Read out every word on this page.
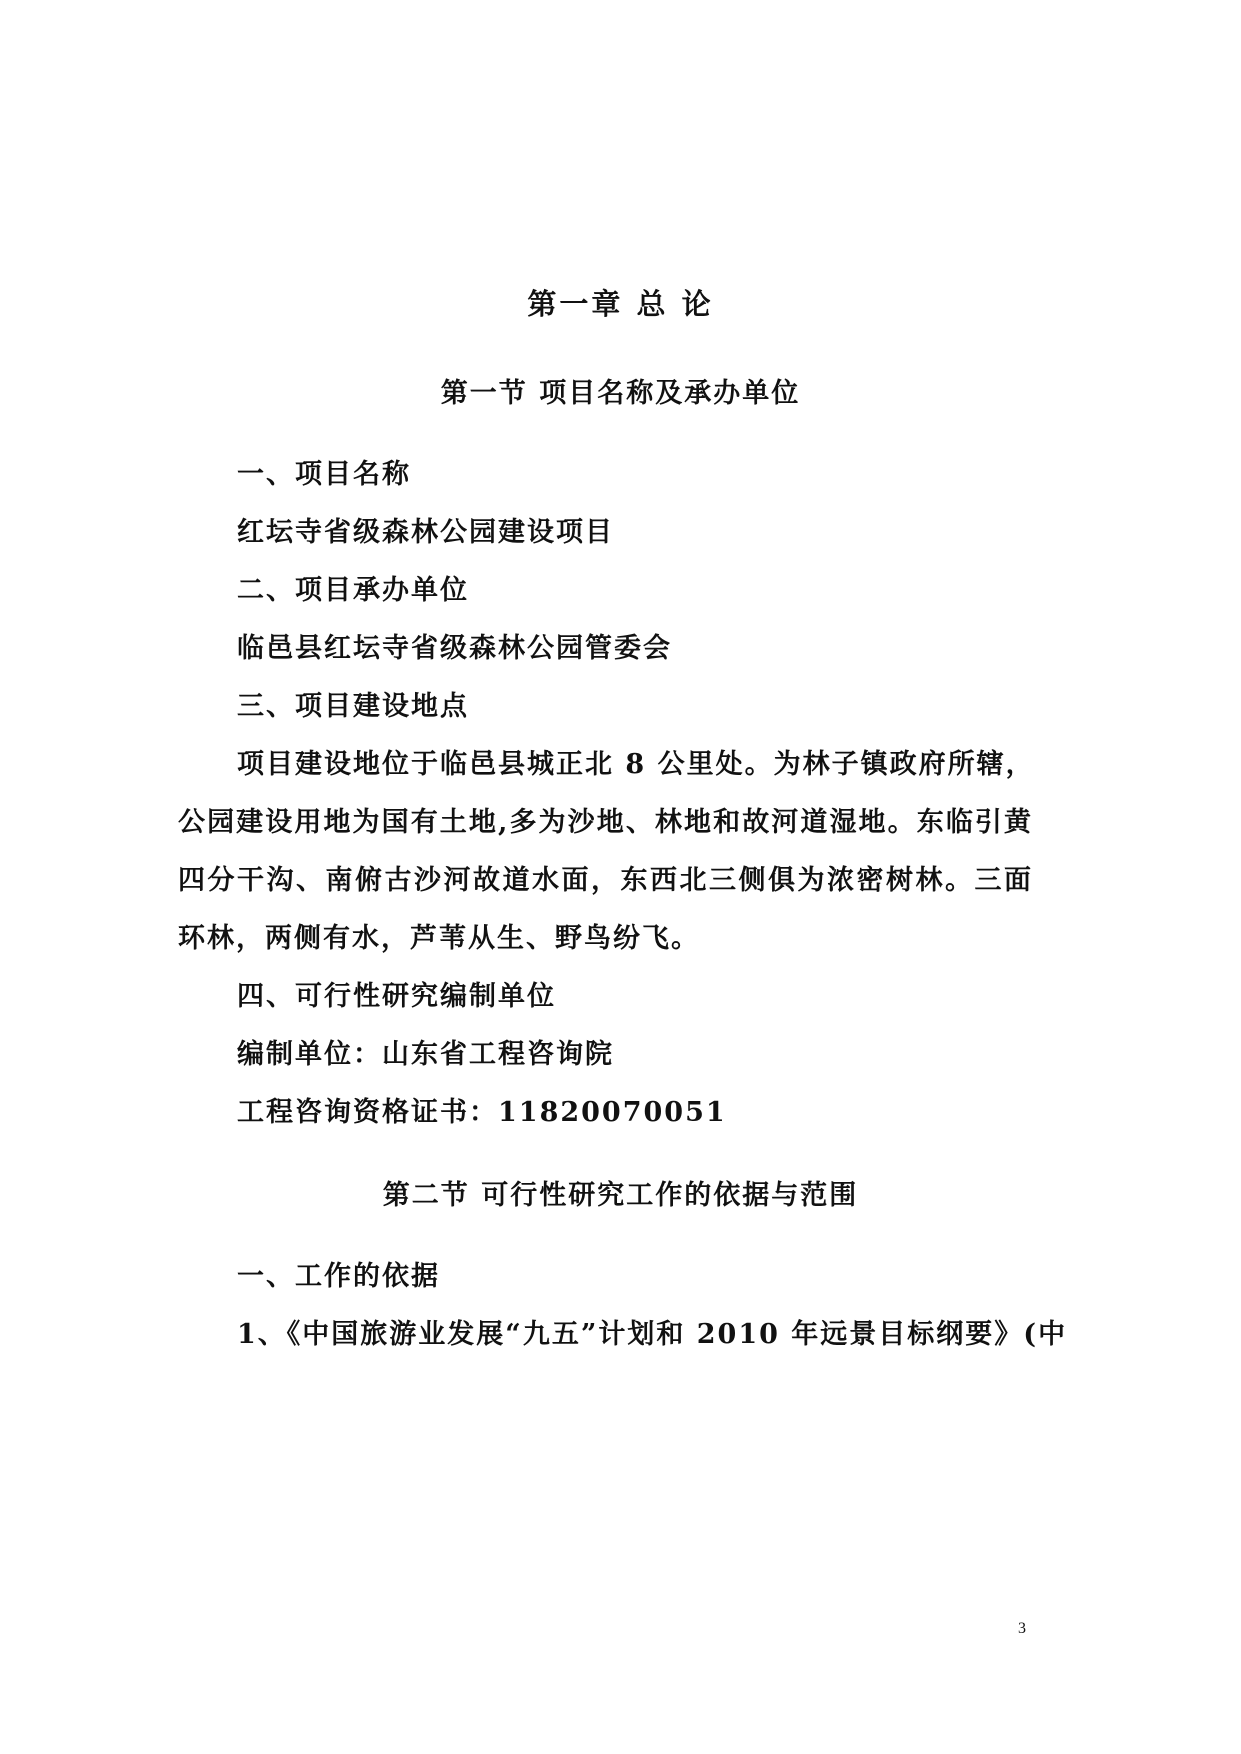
第一章 总 论
第一节 项目名称及承办单位
一、项目名称
红坛寺省级森林公园建设项目
二、项目承办单位
临邑县红坛寺省级森林公园管委会
三、项目建设地点
项目建设地位于临邑县城正北 8 公里处。为林子镇政府所辖，
公园建设用地为国有土地,多为沙地、林地和故河道湿地。东临引黄
四分干沟、南俯古沙河故道水面，东西北三侧俱为浓密树林。三面
环林，两侧有水，芦苇从生、野鸟纷飞。
四、可行性研究编制单位
编制单位：山东省工程咨询院
工程咨询资格证书：11820070051
第二节 可行性研究工作的依据与范围
一、工作的依据
1、《中国旅游业发展“九五”计划和 2010 年远景目标纲要》(中
3
